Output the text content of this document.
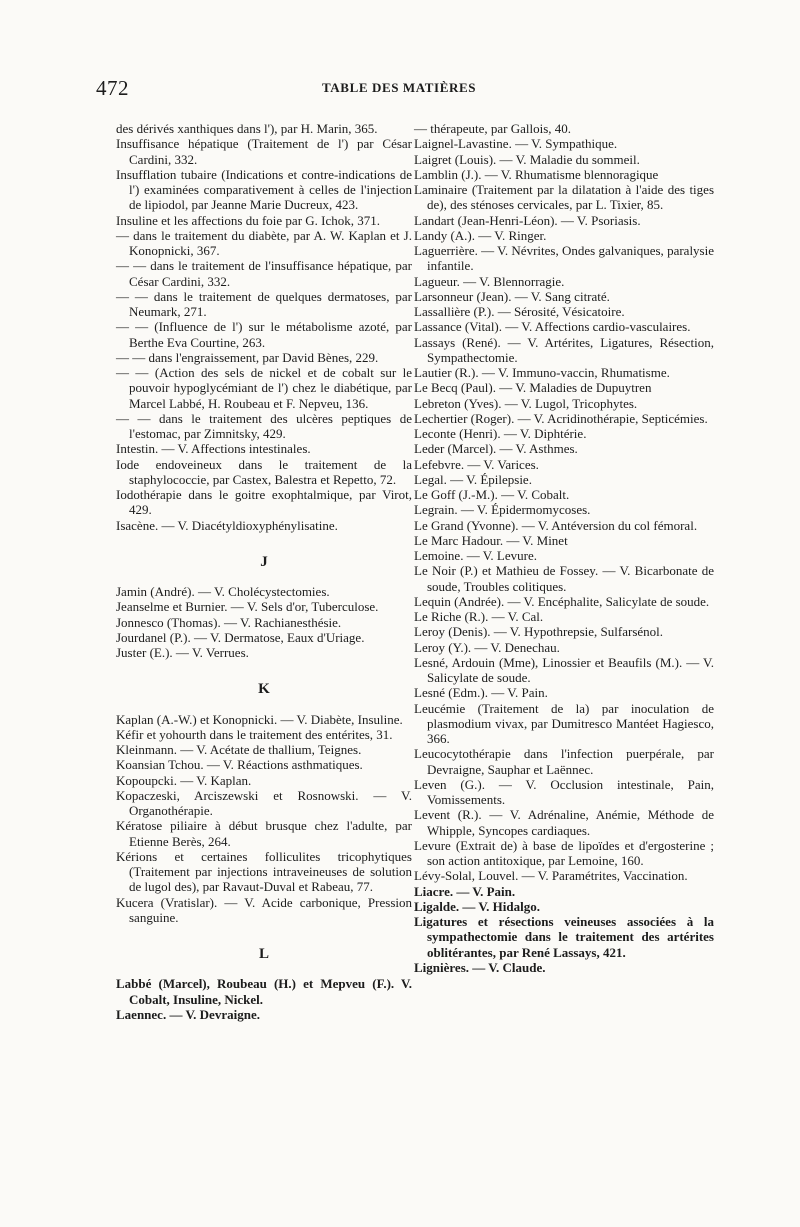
472	TABLE DES MATIÈRES
des dérivés xanthiques dans l'), par H. Marin, 365.
Insuffisance hépatique (Traitement de l') par César Cardini, 332.
Insufflation tubaire (Indications et contre-indications de l') examinées comparativement à celles de l'injection de lipiodol, par Jeanne Marie Ducreux, 423.
Insuline et les affections du foie par G. Ichok, 371.
— dans le traitement du diabète, par A. W. Kaplan et J. Konopnicki, 367.
— — dans le traitement de l'insuffisance hépatique, par César Cardini, 332.
— — dans le traitement de quelques dermatoses, par Neumark, 271.
— — (Influence de l') sur le métabolisme azoté, par Berthe Eva Courtine, 263.
— — dans l'engraissement, par David Bènes, 229.
— — (Action des sels de nickel et de cobalt sur le pouvoir hypoglycémiant de l') chez le diabétique, par Marcel Labbé, H. Roubeau et F. Nepveu, 136.
— — dans le traitement des ulcères peptiques de l'estomac, par Zimnitsky, 429.
Intestin. — V. Affections intestinales.
Iode endoveineux dans le traitement de la staphylococcie, par Castex, Balestra et Repetto, 72.
Iodothérapie dans le goitre exophtalmique, par Virot, 429.
Isacène. — V. Diacétyldioxyphénylisatine.
J
Jamin (André). — V. Cholécystectomies.
Jeanselme et Burnier. — V. Sels d'or, Tuberculose.
Jonnesco (Thomas). — V. Rachianesthésie.
Jourdanel (P.). — V. Dermatose, Eaux d'Uriage.
Juster (E.). — V. Verrues.
K
Kaplan (A.-W.) et Konopnicki. — V. Diabète, Insuline.
Kéfir et yohourth dans le traitement des entérites, 31.
Kleinmann. — V. Acétate de thallium, Teignes.
Koansian Tchou. — V. Réactions asthmatiques.
Kopoupcki. — V. Kaplan.
Kopaczeski, Arciszewski et Rosnowski. — V. Organothérapie.
Kératose piliaire à début brusque chez l'adulte, par Etienne Berès, 264.
Kérions et certaines folliculites tricophytiques (Traitement par injections intraveineuses de solution de lugol des), par Ravaut-Duval et Rabeau, 77.
Kucera (Vratislar). — V. Acide carbonique, Pression sanguine.
L
Labbé (Marcel), Roubeau (H.) et Mepveu (F.). V. Cobalt, Insuline, Nickel.
Laennec. — V. Devraigne.
— thérapeute, par Gallois, 40.
Laignel-Lavastine. — V. Sympathique.
Laigret (Louis). — V. Maladie du sommeil.
Lamblin (J.). — V. Rhumatisme blennoragique
Laminaire (Traitement par la dilatation à l'aide des tiges de), des sténoses cervicales, par L. Tixier, 85.
Landart (Jean-Henri-Léon). — V. Psoriasis.
Landy (A.). — V. Ringer.
Laguerrière. — V. Névrites, Ondes galvaniques, paralysie infantile.
Lagueur. — V. Blennorragie.
Larsonneur (Jean). — V. Sang citraté.
Lassallière (P.). — Sérosité, Vésicatoire.
Lassance (Vital). — V. Affections cardio-vasculaires.
Lassays (René). — V. Artérites, Ligatures, Résection, Sympathectomie.
Lautier (R.). — V. Immuno-vaccin, Rhumatisme.
Le Becq (Paul). — V. Maladies de Dupuytren
Lebreton (Yves). — V. Lugol, Tricophytes.
Lechertier (Roger). — V. Acridinothérapie, Septicémies.
Leconte (Henri). — V. Diphtérie.
Leder (Marcel). — V. Asthmes.
Lefebvre. — V. Varices.
Legal. — V. Épilepsie.
Le Goff (J.-M.). — V. Cobalt.
Legrain. — V. Épidermomycoses.
Le Grand (Yvonne). — V. Antéversion du col fémoral.
Le Marc Hadour. — V. Minet
Lemoine. — V. Levure.
Le Noir (P.) et Mathieu de Fossey. — V. Bicarbonate de soude, Troubles colitiques.
Lequin (Andrée). — V. Encéphalite, Salicylate de soude.
Le Riche (R.). — V. Cal.
Leroy (Denis). — V. Hypothrepsie, Sulfarsénol.
Leroy (Y.). — V. Denechau.
Lesné, Ardouin (Mme), Linossier et Beaufils (M.). — V. Salicylate de soude.
Lesné (Edm.). — V. Pain.
Leucémie (Traitement de la) par inoculation de plasmodium vivax, par Dumitresco Mantéet Hagiesco, 366.
Leucocytothérapie dans l'infection puerpérale, par Devraigne, Sauphar et Laënnec.
Leven (G.). — V. Occlusion intestinale, Pain, Vomissements.
Levent (R.). — V. Adrénaline, Anémie, Méthode de Whipple, Syncopes cardiaques.
Levure (Extrait de) à base de lipoïdes et d'ergosterine ; son action antitoxique, par Lemoine, 160.
Lévy-Solal, Louvel. — V. Paramétrites, Vaccination.
Liacre. — V. Pain.
Ligalde. — V. Hidalgo.
Ligatures et résections veineuses associées à la sympathectomie dans le traitement des artérites oblitérantes, par René Lassays, 421.
Lignières. — V. Claude.
